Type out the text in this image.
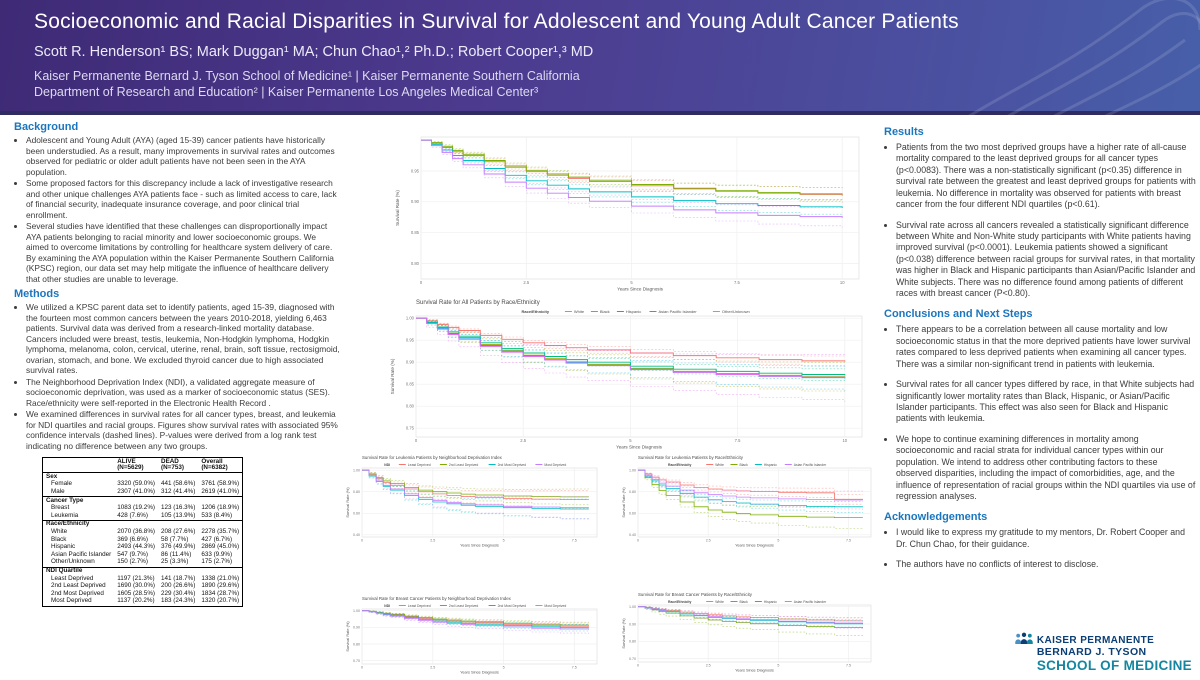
Socioeconomic and Racial Disparities in Survival for Adolescent and Young Adult Cancer Patients
Scott R. Henderson¹ BS; Mark Duggan¹ MA; Chun Chao¹,² Ph.D.; Robert Cooper¹,³ MD
Kaiser Permanente Bernard J. Tyson School of Medicine¹ | Kaiser Permanente Southern California
Department of Research and Education² | Kaiser Permanente Los Angeles Medical Center³
Background
• Adolescent and Young Adult (AYA) (aged 15-39) cancer patients have historically been understudied. As a result, many improvements in survival rates and outcomes observed for pediatric or older adult patients have not been seen in the AYA population.
• Some proposed factors for this discrepancy include a lack of investigative research and other unique challenges AYA patients face - such as limited access to care, lack of financial security, inadequate insurance coverage, and poor clinical trial enrollment.
• Several studies have identified that these challenges can disproportionally impact AYA patients belonging to racial minority and lower socioeconomic groups. We aimed to overcome limitations by controlling for healthcare system delivery of care. By examining the AYA population within the Kaiser Permanente Southern California (KPSC) region, our data set may help mitigate the influence of healthcare delivery that other studies are unable to leverage.
Methods
• We utilized a KPSC parent data set to identify patients, aged 15-39, diagnosed with the fourteen most common cancers between the years 2010-2018, yielding 6,463 patients. Survival data was derived from a research-linked mortality database. Cancers included were breast, testis, leukemia, Non-Hodgkin lymphoma, Hodgkin lymphoma, melanoma, colon, cervical, uterine, renal, brain, soft tissue, rectosigmoid, ovarian, stomach, and bone. We excluded thyroid cancer due to high associated survival rates.
• The Neighborhood Deprivation Index (NDI), a validated aggregate measure of socioeconomic deprivation, was used as a marker of socioeconomic status (SES). Race/ethnicity were self-reported in the Electronic Health Record .
• We examined differences in survival rates for all cancer types, breast, and leukemia for NDI quartiles and racial groups. Figures show survival rates with associated 95% confidence intervals (dashed lines). P-values were derived from a log rank test indicating no difference between any two groups.

ALIVE
(N=5629)

DEAD
(N=753)

Overall
(N=6382)

Sex			
Female	3320 (59.0%)	441 (58.6%)	3761 (58.9%)
Male	2307 (41.0%)	312 (41.4%)	2619 (41.0%)
Cancer Type			
Breast	1083 (19.2%)	123 (16.3%)	1206 (18.9%)
Leukemia	428 (7.6%)	105 (13.9%)	533 (8.4%)
Race/Ethnicity			
White	2070 (36.8%)	208 (27.6%)	2278 (35.7%)
Black	369 (6.6%)	58 (7.7%)	427 (6.7%)
Hispanic	2493 (44.3%)	376 (49.9%)	2869 (45.0%)
Asian Pacific Islander	547 (9.7%)	86 (11.4%)	633 (9.9%)
Other/Unknown	150 (2.7%)	25 (3.3%)	175 (2.7%)
NDI Quartile			
Least Deprived	1197 (21.3%)	141 (18.7%)	1338 (21.0%)
2nd Least Deprived	1690 (30.0%)	200 (26.6%)	1890 (29.6%)
2nd Most Deprived	1605 (28.5%)	229 (30.4%)	1834 (28.7%)
Most Deprived	1137 (20.2%)	183 (24.3%)	1320 (20.7%)
0.80
0.85
0.90
0.95
0	2.5	5	7.5	10
Years Since Diagnosis
Survival Rate (%)
0.75
0.80
0.85
0.90
0.95
1.00
0	2.5	5	7.5	10
Survival Rate for All Patients by Race/Ethnicity
Race/Ethnicity	White	Black	Hispanic	Asian Pacific Islander	Other/Unknown
Years Since Diagnosis
Survival Rate (%)
0.40
0.60
0.80
1.00
0	2.5	5	7.5
Survival Rate for Leukemia Patients by Neighborhood Deprivation Index
NDI	Least Deprived	2nd Least Deprived	2nd Most Deprived	Most Deprived
Years Since Diagnosis
Survival Rate (%)
0.40
0.60
0.80
1.00
0	2.5	5	7.5
Survival Rate for Leukemia Patients by Race/Ethnicity
Race/Ethnicity	White	Black	Hispanic	Asian Pacific Islander
Years Since Diagnosis
Survival Rate (%)
0.70
0.80
0.90
1.00
0	2.5	5	7.5
Survival Rate for Breast Cancer Patients by Neighborhood Deprivation Index
NDI	Least Deprived	2nd Least Deprived	2nd Most Deprived	Most Deprived
Years Since Diagnosis
Survival Rate (%)
0.70
0.80
0.90
1.00
0	2.5	5	7.5
Survival Rate for Breast Cancer Patients by Race/Ethnicity
Race/Ethnicity	White	Black	Hispanic	Asian Pacific Islander
Years Since Diagnosis
Survival Rate (%)
Results
• Patients from the two most deprived groups have a higher rate of all-cause mortality compared to the least deprived groups for all cancer types (p<0.0083). There was a non-statistically significant (p<0.35) difference in survival rate between the greatest and least deprived groups for patients with leukemia. No difference in mortality was observed for patients with breast cancer from the four different NDI quartiles (p<0.61).
• Survival rate across all cancers revealed a statistically significant difference between White and Non-White study participants with White patients having improved survival (p<0.0001). Leukemia patients showed a significant (p<0.038) difference between racial groups for survival rates, in that mortality was higher in Black and Hispanic participants than Asian/Pacific Islander and White subjects. There was no difference found among patients of different races with breast cancer (P<0.80).
Conclusions and Next Steps
• There appears to be a correlation between all cause mortality and low socioeconomic status in that the more deprived patients have lower survival rates compared to less deprived patients when examining all cancer types. There was a similar non-significant trend in patients with leukemia.
• Survival rates for all cancer types differed by race, in that White subjects had significantly lower mortality rates than Black, Hispanic, or Asian/Pacific Islander participants. This effect was also seen for Black and Hispanic patients with leukemia.
• We hope to continue examining differences in mortality among socioeconomic and racial strata for individual cancer types within our population. We intend to address other contributing factors to these observed disparities, including the impact of comorbidities, age, and the influence of representation of racial groups within the NDI quartiles via use of regression analyses.
Acknowledgements
• I would like to express my gratitude to my mentors, Dr. Robert Cooper and Dr. Chun Chao, for their guidance.
• The authors have no conflicts of interest to disclose.
KAISER PERMANENTE
BERNARD J. TYSON
SCHOOL OF MEDICINE
